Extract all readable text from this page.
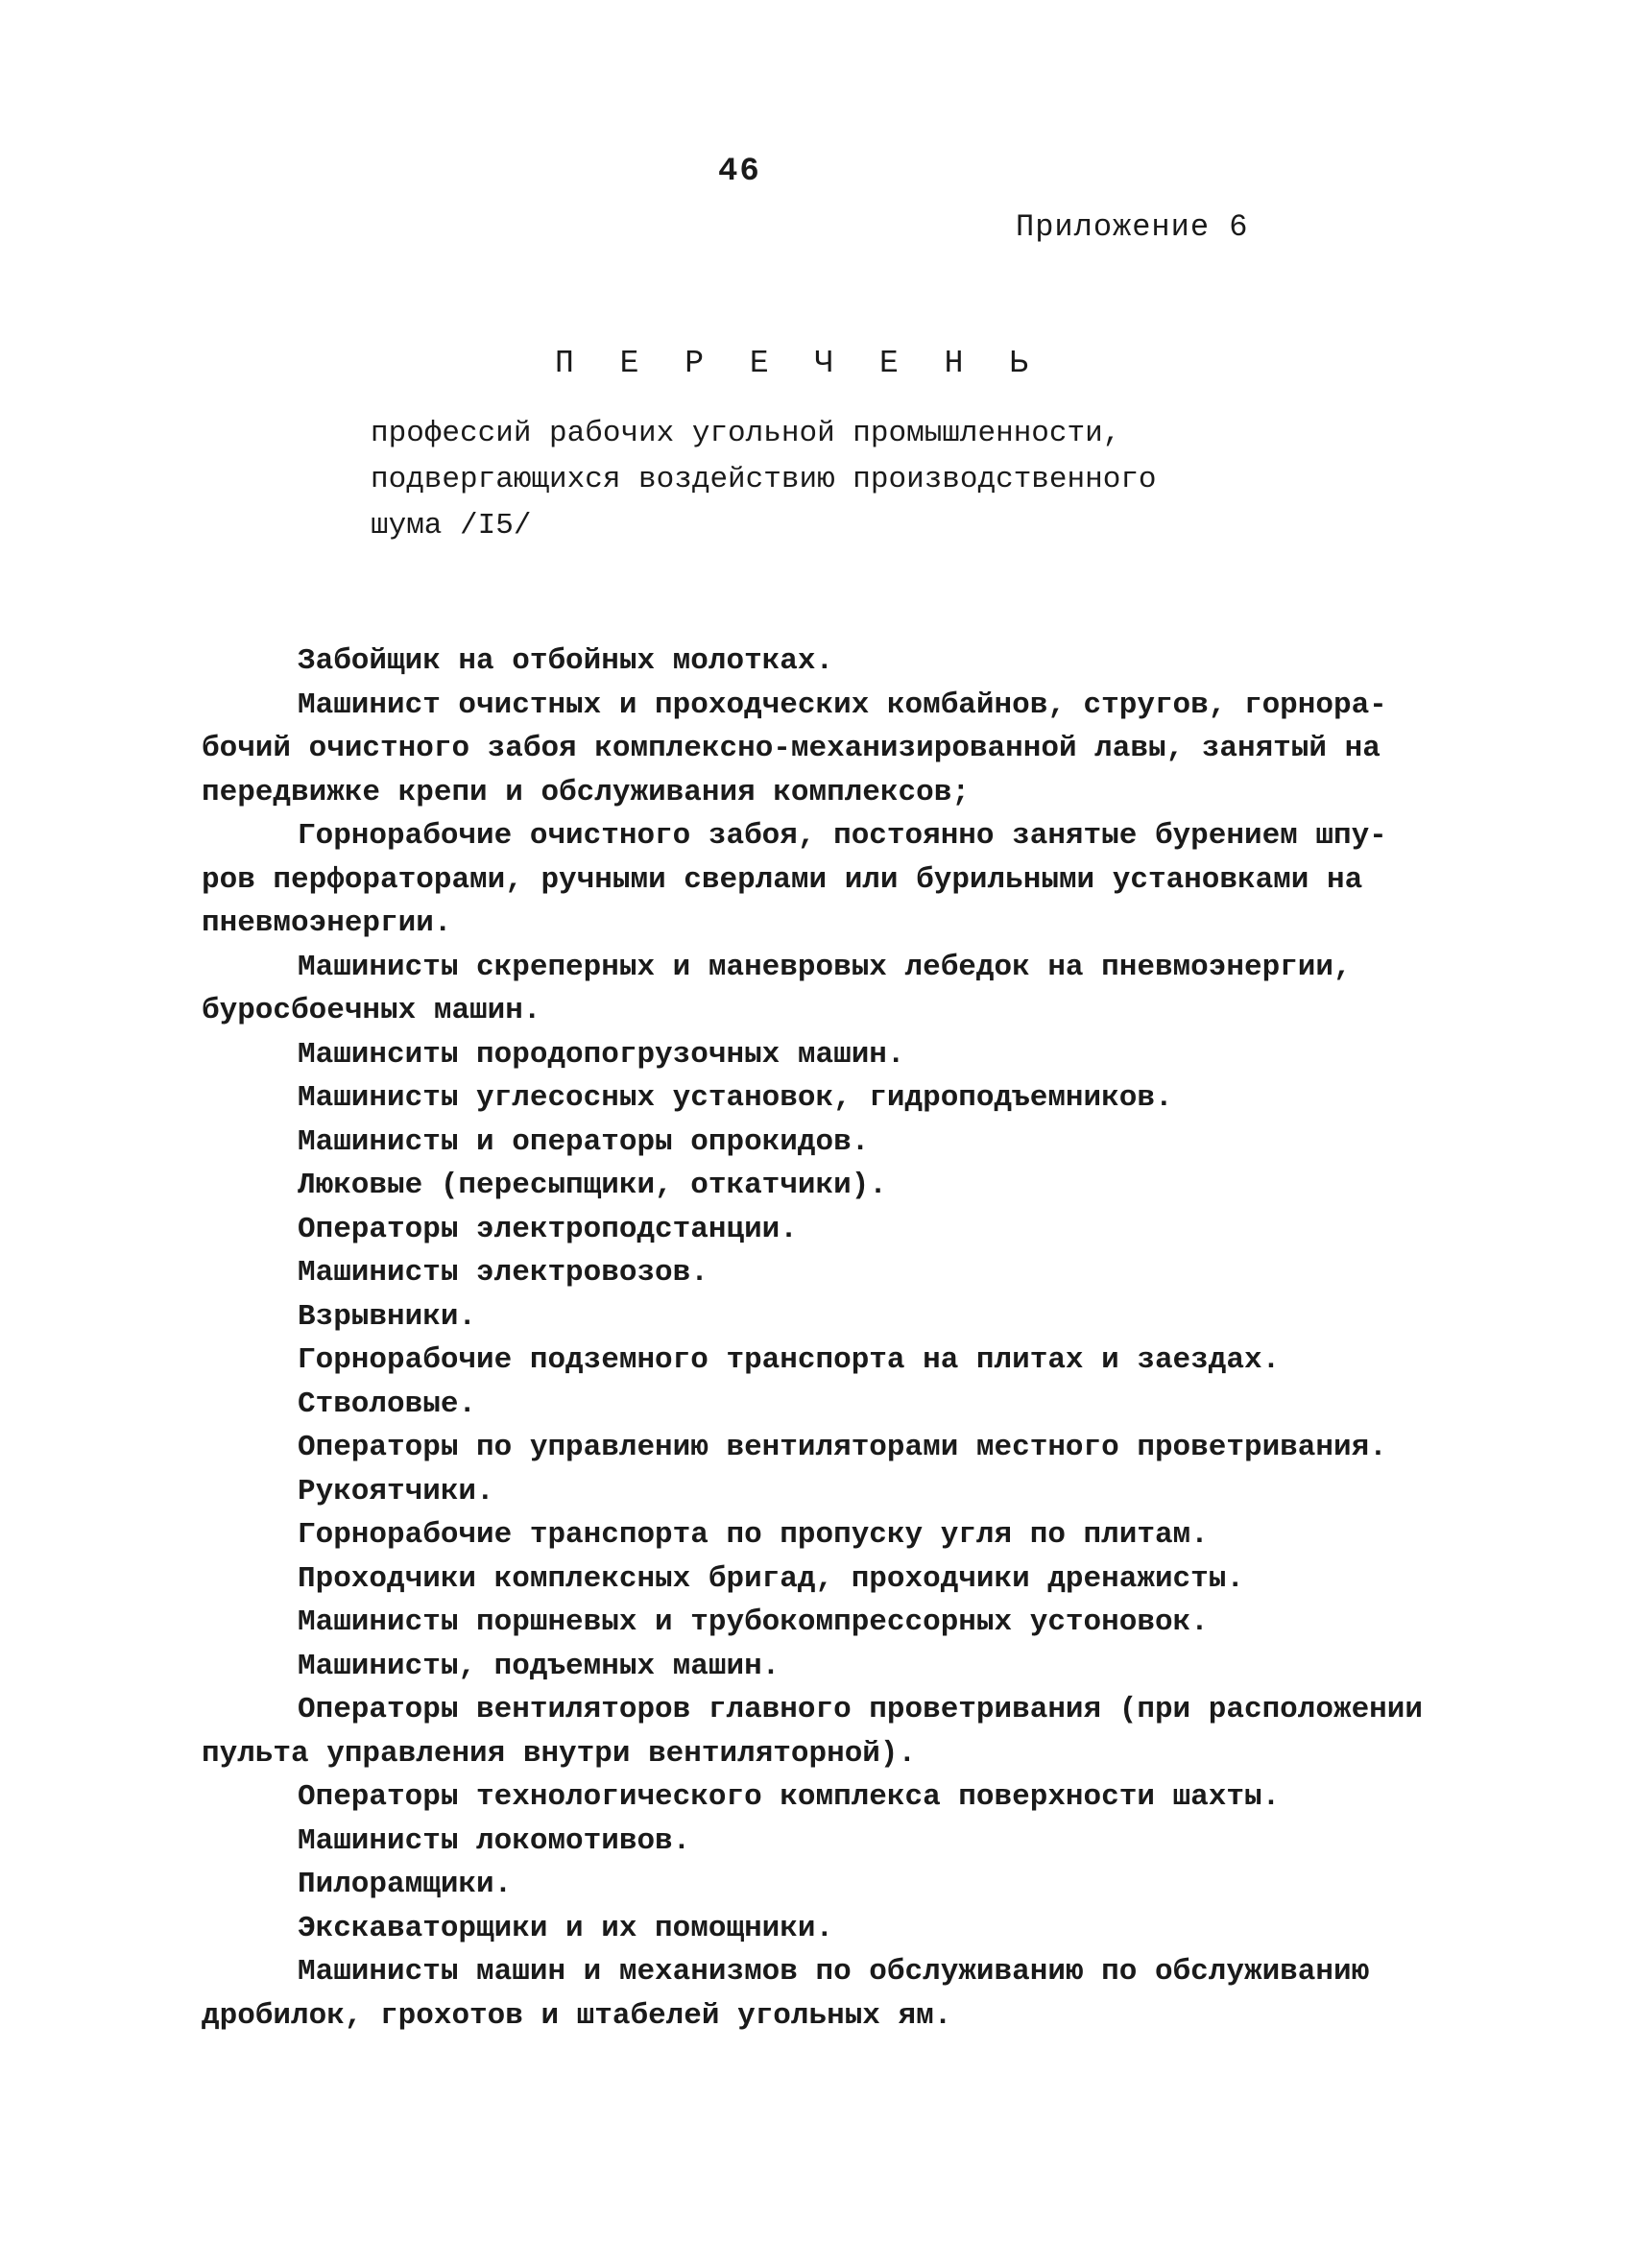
46
Приложение 6
П Е Р Е Ч Е Н Ь
профессий рабочих угольной промышленности,
подвергающихся воздействию производственного
шума /I5/
Забойщик на отбойных молотках.
Машинист очистных и проходческих комбайнов, стругов, горнора-
бочий очистного забоя комплексно-механизированной лавы, занятый на
передвижке крепи и обслуживания комплексов;
Горнорабочие очистного забоя, постоянно занятые бурением шпу-
ров перфораторами, ручными сверлами или бурильными установками на
пневмоэнергии.
Машинисты скреперных и маневровых лебедок на пневмоэнергии,
буросбоечных машин.
Машинситы породопогрузочных машин.
Машинисты углесосных установок, гидроподъемников.
Машинисты и операторы опрокидов.
Люковые (пересыпщики, откатчики).
Операторы электроподстанции.
Машинисты электровозов.
Взрывники.
Горнорабочие подземного транспорта на плитах и заездах.
Стволовые.
Операторы по управлению вентиляторами местного проветривания.
Рукоятчики.
Горнорабочие транспорта по пропуску угля по плитам.
Проходчики комплексных бригад, проходчики дренажисты.
Машинисты поршневых и трубокомпрессорных устоновок.
Машинисты, подъемных машин.
Операторы вентиляторов главного проветривания (при расположении
пульта управления внутри вентиляторной).
Операторы технологического комплекса поверхности шахты.
Машинисты локомотивов.
Пилорамщики.
Экскаваторщики и их помощники.
Машинисты машин и механизмов по обслуживанию по обслуживанию
дробилок, грохотов и штабелей угольных ям.
